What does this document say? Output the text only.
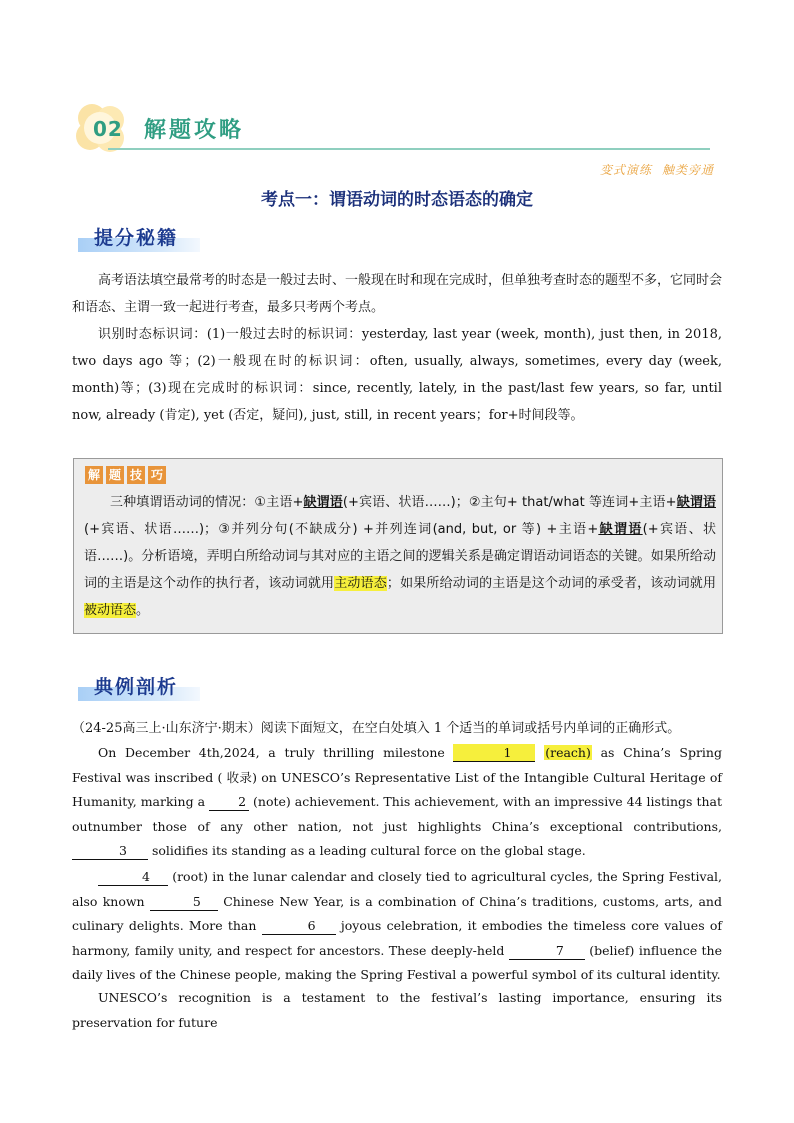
02 解题攻略
变式演练 触类旁通
考点一：谓语动词的时态语态的确定
提分秘籍

高考语法填空最常考的时态是一般过去时、一般现在时和现在完成时，但单独考查时态的题型不多，它同时会和语态、主谓一致一起进行考查，最多只考两个考点。

识别时态标识词：(1)一般过去时的标识词：yesterday, last year (week, month), just then, in 2018, two days ago 等；(2)一般现在时的标识词：often, usually, always, sometimes, every day (week, month)等；(3)现在完成时的标识词：since, recently, lately, in the past/last few years, so far, until now, already (肯定), yet (否定，疑问), just, still, in recent years；for+时间段等。

解 题 技 巧

三种填谓语动词的情况：①主语+缺谓语(+宾语、状语……)；②主句+ that/what 等连词+主语+缺谓语(+宾语、状语……)；③并列分句(不缺成分) +并列连词(and, but, or 等) +主语+缺谓语(+宾语、状语……)。分析语境，弄明白所给动词与其对应的主语之间的逻辑关系是确定谓语动词语态的关键。如果所给动词的主语是这个动作的执行者，该动词就用主动语态；如果所给动词的主语是这个动词的承受者，该动词就用被动语态。

典例剖析
（24-25高三上·山东济宁·期末）阅读下面短文，在空白处填入 1 个适当的单词或括号内单词的正确形式。

On December 4th,2024, a truly thrilling milestone	1	(reach) as China’s Spring Festival was inscribed ( 收录) on UNESCO’s Representative List of the Intangible Cultural Heritage of Humanity, marking a 2 (note) achievement. This achievement, with an impressive 44 listings that outnumber those of any other nation, not just highlights China’s exceptional contributions, 3 solidifies its standing as a leading cultural force on the global stage.

4 (root) in the lunar calendar and closely tied to agricultural cycles, the Spring Festival, also known	5 Chinese New Year, is a combination of China’s traditions, customs, arts, and culinary delights. More than	6 joyous celebration, it embodies the timeless core values of harmony, family unity, and respect for ancestors. These deeply-held	7 (belief) influence the daily lives of the Chinese people, making the Spring Festival a powerful symbol of its cultural identity.

UNESCO’s recognition is a testament to the festival’s lasting importance, ensuring its preservation for future
